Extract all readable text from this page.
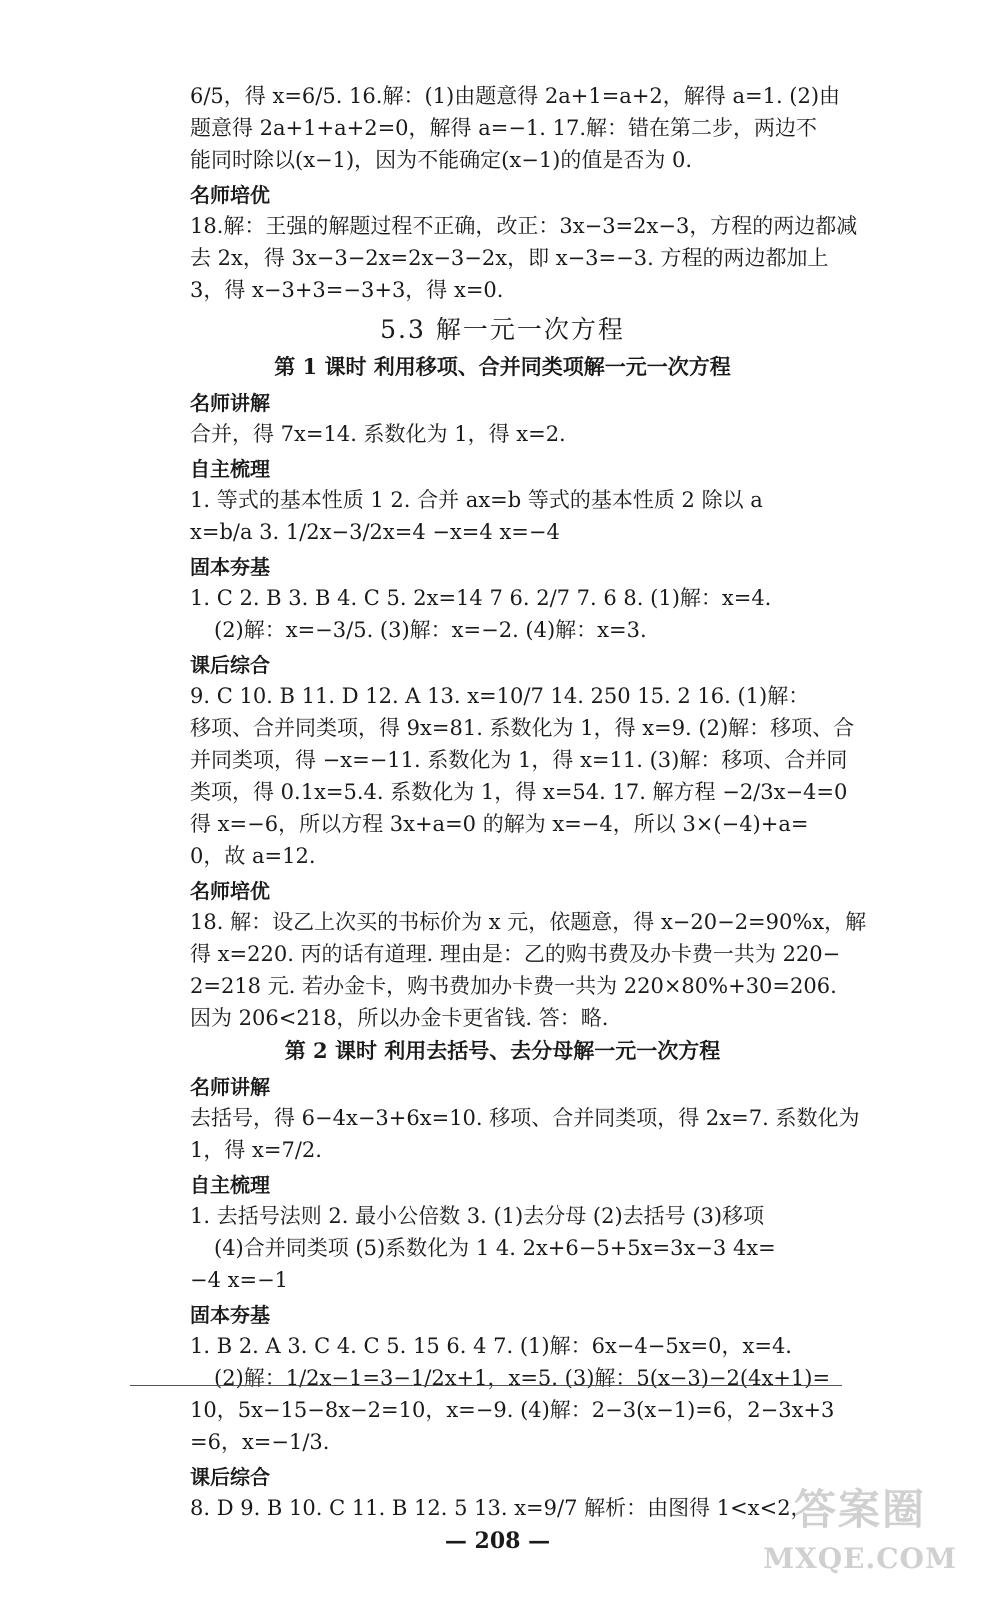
6/5，得 x=6/5. 16.解：(1)由题意得 2a+1=a+2，解得 a=1. (2)由
题意得 2a+1+a+2=0，解得 a=−1. 17.解：错在第二步，两边不
能同时除以(x−1)，因为不能确定(x−1)的值是否为 0.
名师培优
18.解：王强的解题过程不正确，改正：3x−3=2x−3，方程的两边都减
去 2x，得 3x−3−2x=2x−3−2x，即 x−3=−3. 方程的两边都加上
3，得 x−3+3=−3+3，得 x=0.
5.3 解一元一次方程
第 1 课时 利用移项、合并同类项解一元一次方程
名师讲解
合并，得 7x=14. 系数化为 1，得 x=2.
自主梳理
1. 等式的基本性质 1 2. 合并 ax=b 等式的基本性质 2 除以 a
x=b/a 3. 1/2x−3/2x=4 −x=4 x=−4
固本夯基
1. C 2. B 3. B 4. C 5. 2x=14 7 6. 2/7 7. 6 8. (1)解：x=4.
(2)解：x=−3/5. (3)解：x=−2. (4)解：x=3.
课后综合
9. C 10. B 11. D 12. A 13. x=10/7 14. 250 15. 2 16. (1)解：
移项、合并同类项，得 9x=81. 系数化为 1，得 x=9. (2)解：移项、合
并同类项，得 −x=−11. 系数化为 1，得 x=11. (3)解：移项、合并同
类项，得 0.1x=5.4. 系数化为 1，得 x=54. 17. 解方程 −2/3x−4=0
得 x=−6，所以方程 3x+a=0 的解为 x=−4，所以 3×(−4)+a=
0，故 a=12.
名师培优
18. 解：设乙上次买的书标价为 x 元，依题意，得 x−20−2=90%x，解
得 x=220. 丙的话有道理. 理由是：乙的购书费及办卡费一共为 220−
2=218 元. 若办金卡，购书费加办卡费一共为 220×80%+30=206.
因为 206<218，所以办金卡更省钱. 答：略.
第 2 课时 利用去括号、去分母解一元一次方程
名师讲解
去括号，得 6−4x−3+6x=10. 移项、合并同类项，得 2x=7. 系数化为
1，得 x=7/2.
自主梳理
1. 去括号法则 2. 最小公倍数 3. (1)去分母 (2)去括号 (3)移项
(4)合并同类项 (5)系数化为 1 4. 2x+6−5+5x=3x−3 4x=
−4 x=−1
固本夯基
1. B 2. A 3. C 4. C 5. 15 6. 4 7. (1)解：6x−4−5x=0，x=4.
(2)解：1/2x−1=3−1/2x+1，x=5. (3)解：5(x−3)−2(4x+1)=
10，5x−15−8x−2=10，x=−9. (4)解：2−3(x−1)=6，2−3x+3
=6，x=−1/3.
课后综合
8. D 9. B 10. C 11. B 12. 5 13. x=9/7 解析：由图得 1<x<2，
— 208 —
答案圈
MXQE.COM
